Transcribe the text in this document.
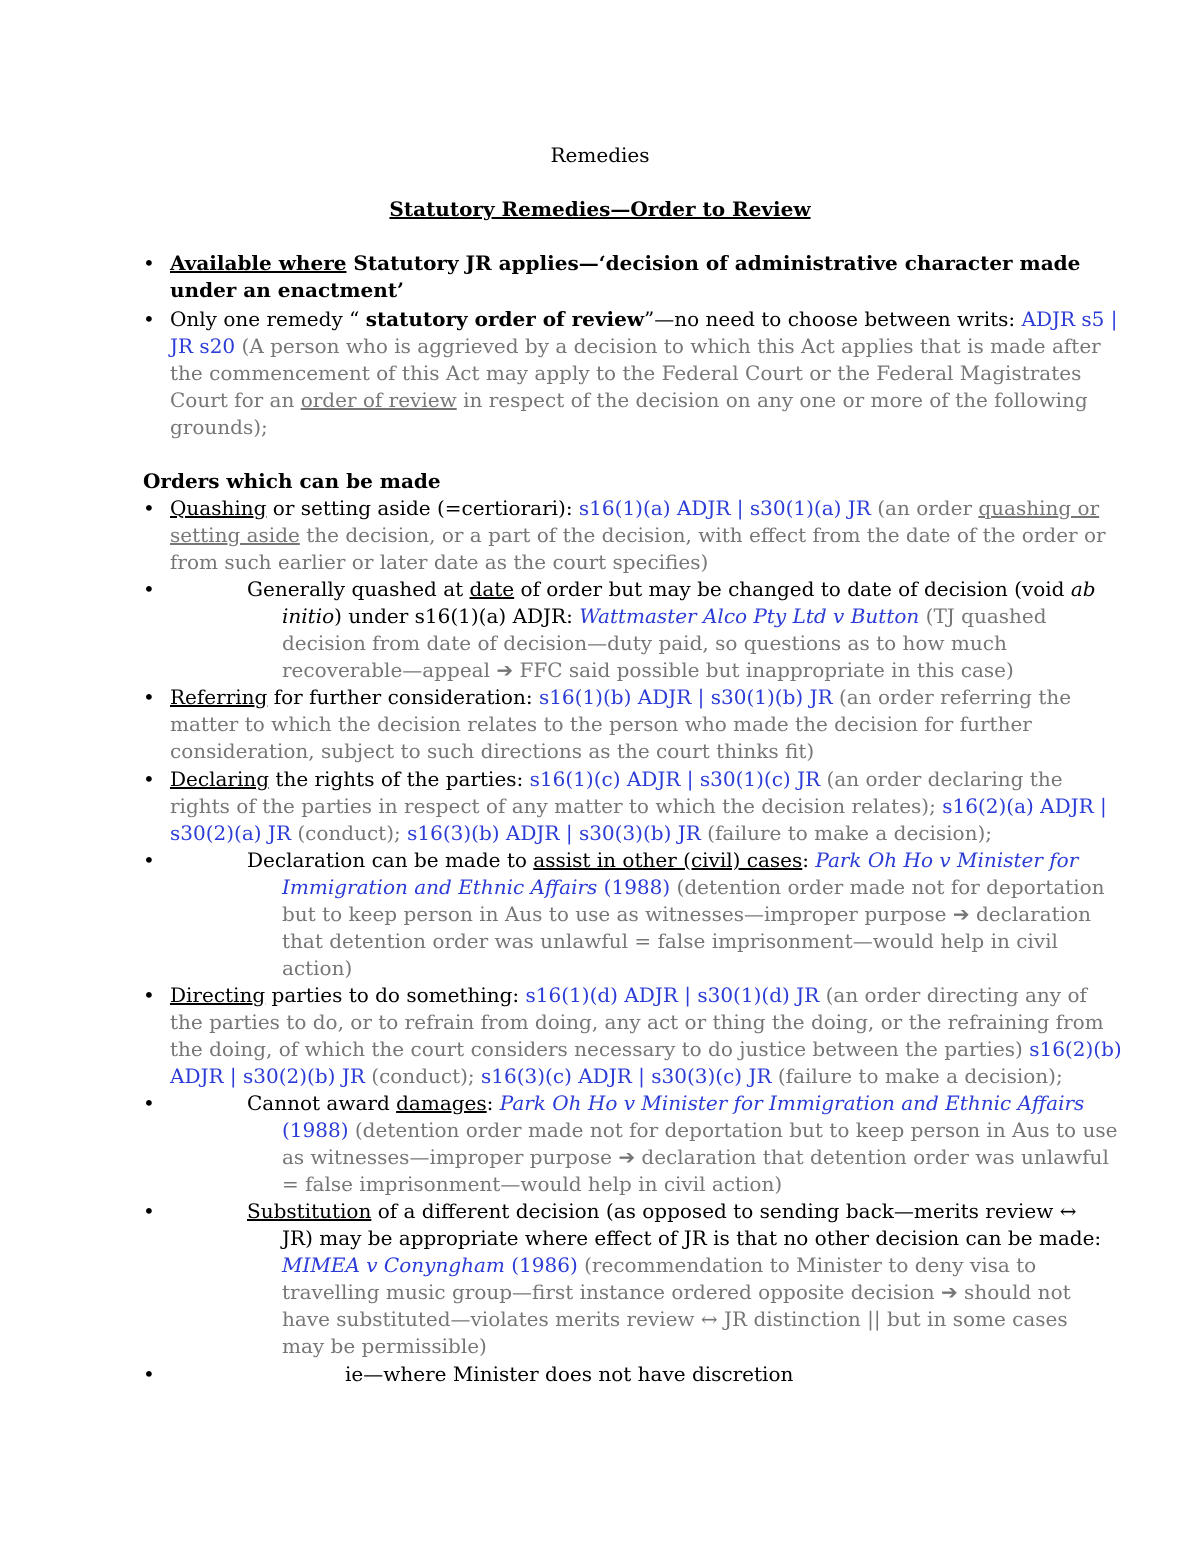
Remedies
Statutory Remedies—Order to Review
• Available where Statutory JR applies—‘decision of administrative character made
under an enactment’
• Only one remedy “ statutory order of review”—no need to choose between writs: ADJR s5 |
JR s20 (A person who is aggrieved by a decision to which this Act applies that is made after
the commencement of this Act may apply to the Federal Court or the Federal Magistrates
Court for an order of review in respect of the decision on any one or more of the following
grounds);
Orders which can be made
• Quashing or setting aside (=certiorari): s16(1)(a) ADJR | s30(1)(a) JR (an order quashing or
setting aside the decision, or a part of the decision, with effect from the date of the order or
from such earlier or later date as the court specifies)
•	Generally quashed at date of order but may be changed to date of decision (void ab
initio) under s16(1)(a) ADJR: Wattmaster Alco Pty Ltd v Button (TJ quashed
decision from date of decision—duty paid, so questions as to how much
recoverable—appeal ➔ FFC said possible but inappropriate in this case)
• Referring for further consideration: s16(1)(b) ADJR | s30(1)(b) JR (an order referring the
matter to which the decision relates to the person who made the decision for further
consideration, subject to such directions as the court thinks fit)
• Declaring the rights of the parties: s16(1)(c) ADJR | s30(1)(c) JR (an order declaring the
rights of the parties in respect of any matter to which the decision relates); s16(2)(a) ADJR |
s30(2)(a) JR (conduct); s16(3)(b) ADJR | s30(3)(b) JR (failure to make a decision);
•	Declaration can be made to assist in other (civil) cases: Park Oh Ho v Minister for
Immigration and Ethnic Affairs (1988) (detention order made not for deportation
but to keep person in Aus to use as witnesses—improper purpose ➔ declaration
that detention order was unlawful = false imprisonment—would help in civil
action)
• Directing parties to do something: s16(1)(d) ADJR | s30(1)(d) JR (an order directing any of
the parties to do, or to refrain from doing, any act or thing the doing, or the refraining from
the doing, of which the court considers necessary to do justice between the parties) s16(2)(b)
ADJR | s30(2)(b) JR (conduct); s16(3)(c) ADJR | s30(3)(c) JR (failure to make a decision);
•	Cannot award damages: Park Oh Ho v Minister for Immigration and Ethnic Affairs
(1988) (detention order made not for deportation but to keep person in Aus to use
as witnesses—improper purpose ➔ declaration that detention order was unlawful
= false imprisonment—would help in civil action)
•	Substitution of a different decision (as opposed to sending back—merits review ↔
JR) may be appropriate where effect of JR is that no other decision can be made:
MIMEA v Conyngham (1986) (recommendation to Minister to deny visa to
travelling music group—first instance ordered opposite decision ➔ should not
have substituted—violates merits review ↔ JR distinction || but in some cases
may be permissible)
•	ie—where Minister does not have discretion
